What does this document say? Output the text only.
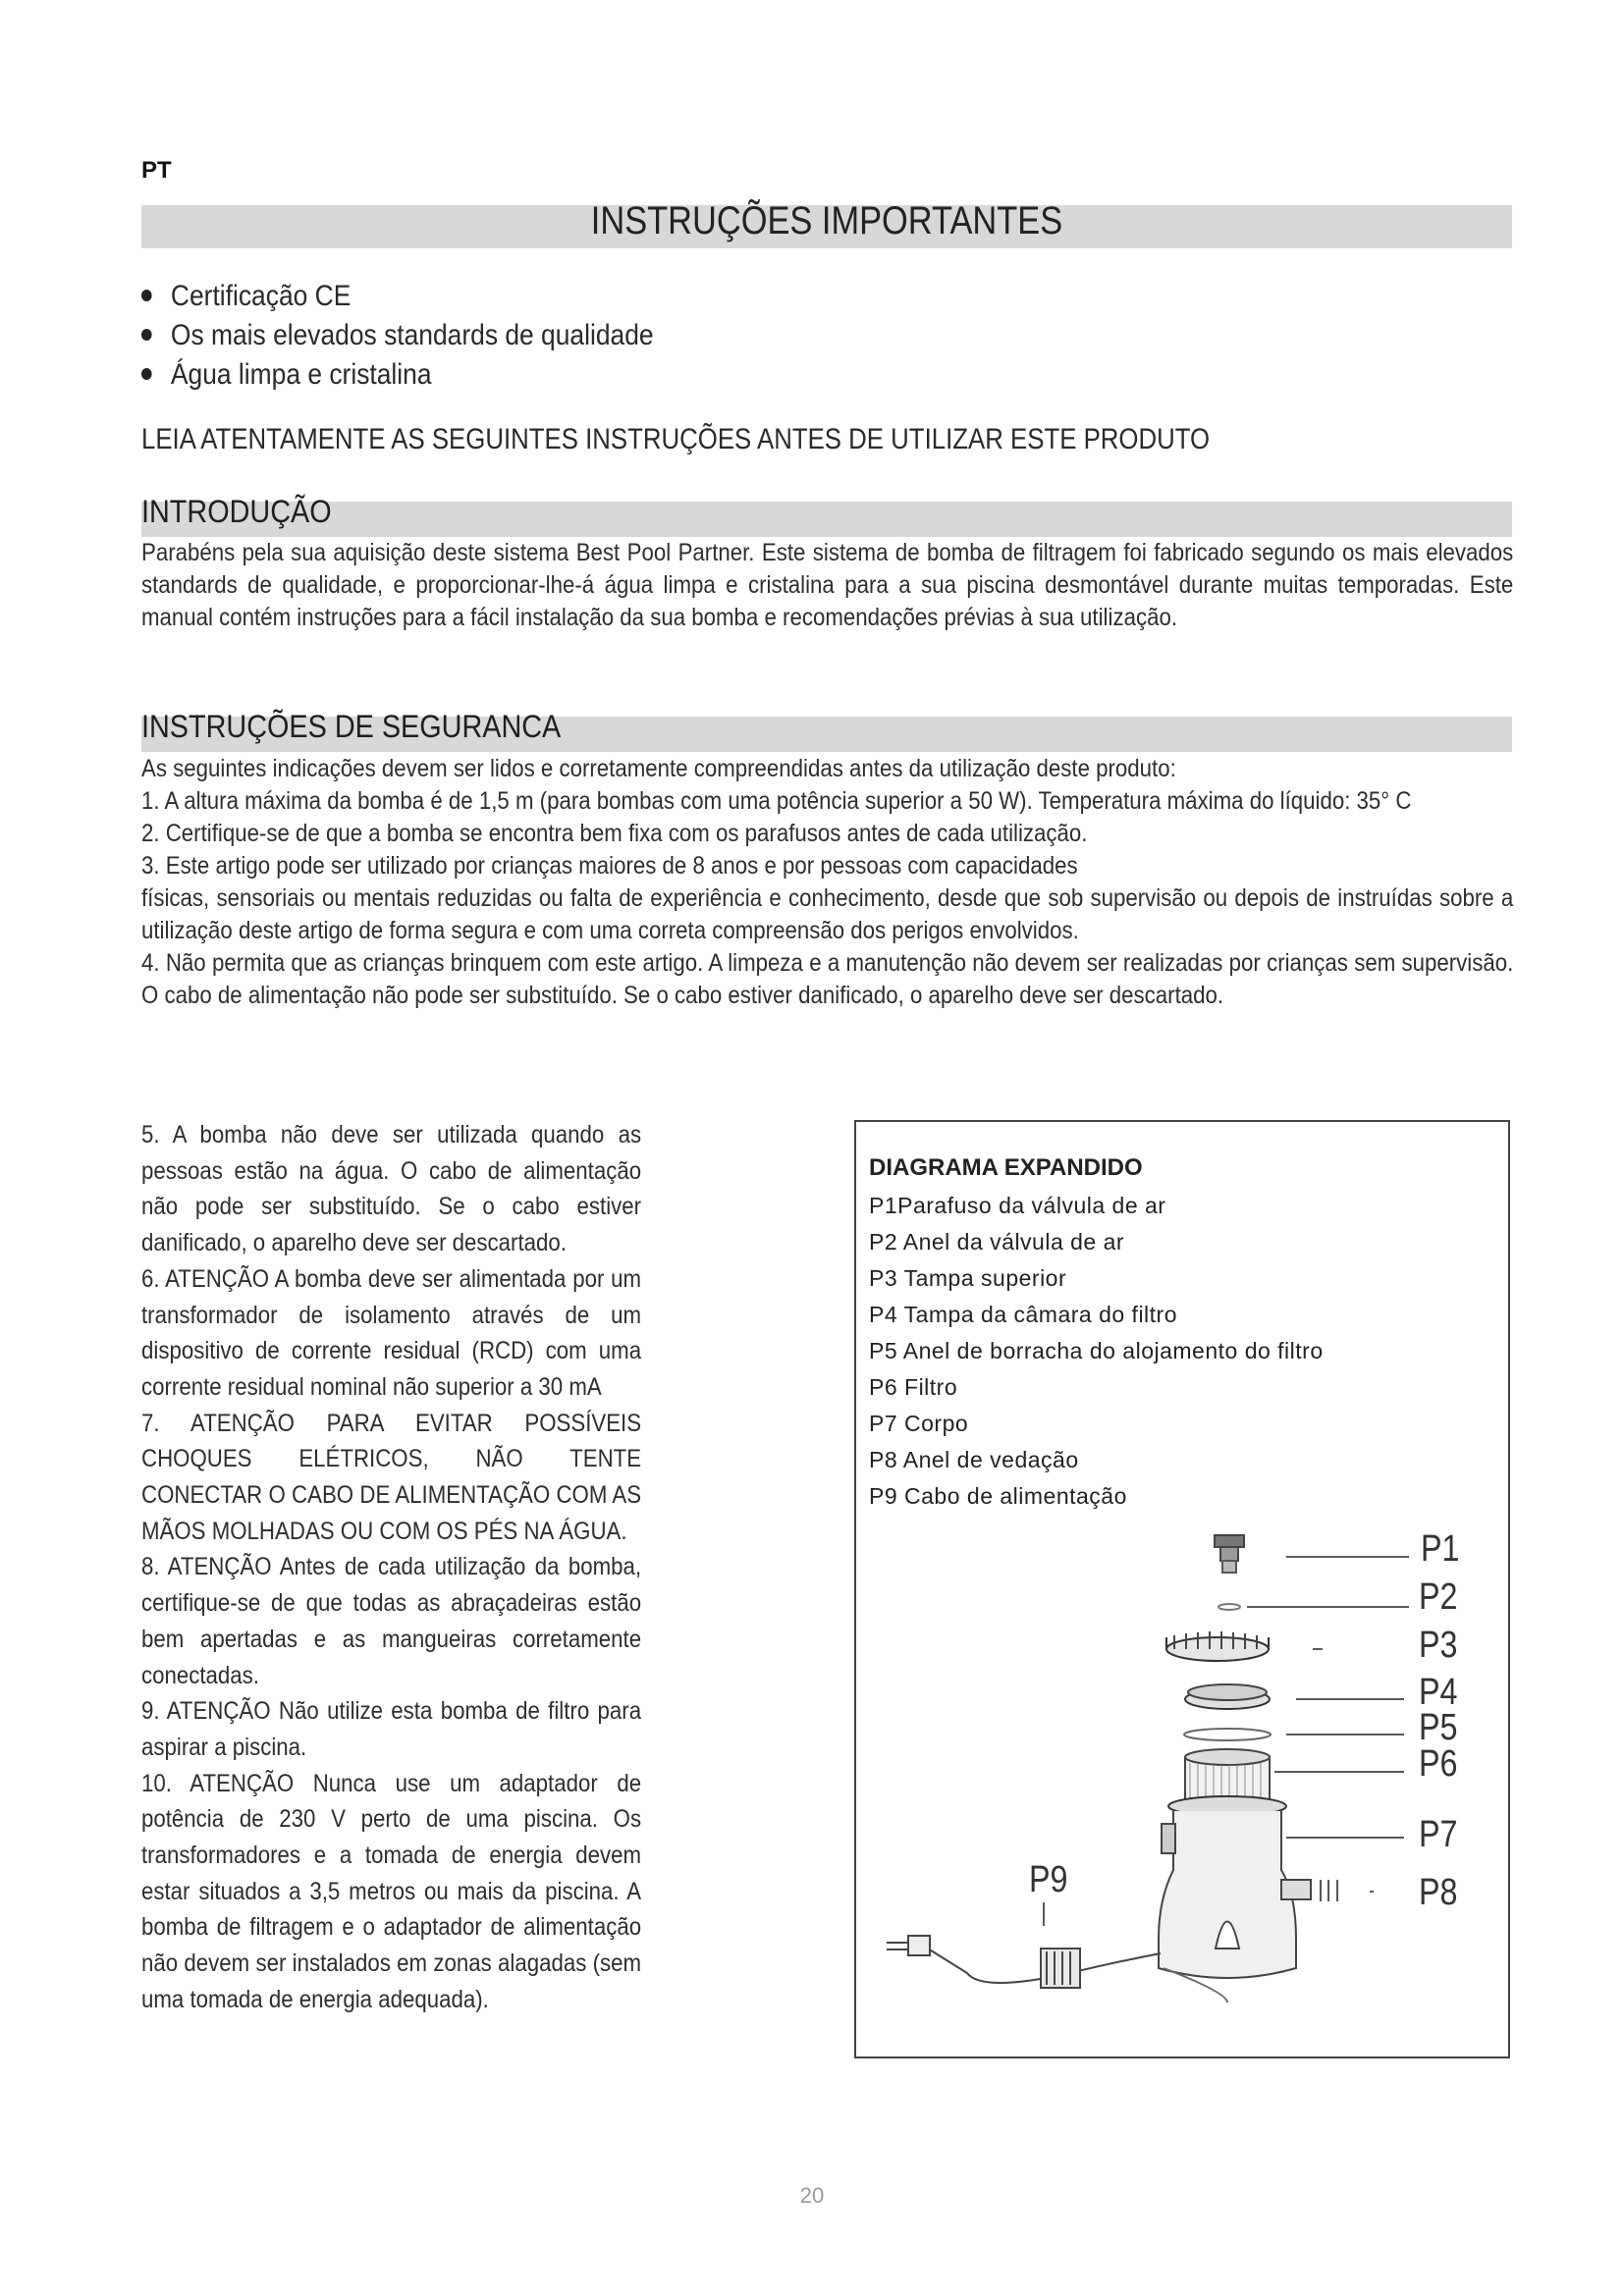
PT
INSTRUÇÕES IMPORTANTES
Certificação CE
Os mais elevados standards de qualidade
Água limpa e cristalina
LEIA ATENTAMENTE AS SEGUINTES INSTRUÇÕES ANTES DE UTILIZAR ESTE PRODUTO
INTRODUÇÃO

Parabéns pela sua aquisição deste sistema Best Pool Partner. Este sistema de bomba de filtragem foi fabricado segundo os mais elevados standards de qualidade, e proporcionar-lhe-á água limpa e cristalina para a sua piscina desmontável durante muitas temporadas. Este manual contém instruções para a fácil instalação da sua bomba e recomendações prévias à sua utilização.

INSTRUÇÕES DE SEGURANCA

As seguintes indicações devem ser lidos e corretamente compreendidas antes da utilização deste produto:

1. A altura máxima da bomba é de 1,5 m (para bombas com uma potência superior a 50 W). Temperatura máxima do líquido: 35° C

2. Certifique-se de que a bomba se encontra bem fixa com os parafusos antes de cada utilização.

3. Este artigo pode ser utilizado por crianças maiores de 8 anos e por pessoas com capacidades

físicas, sensoriais ou mentais reduzidas ou falta de experiência e conhecimento, desde que sob supervisão ou depois de instruídas sobre a utilização deste artigo de forma segura e com uma correta compreensão dos perigos envolvidos.

4. Não permita que as crianças brinquem com este artigo. A limpeza e a manutenção não devem ser realizadas por crianças sem supervisão. O cabo de alimentação não pode ser substituído. Se o cabo estiver danificado, o aparelho deve ser descartado.

5. A bomba não deve ser utilizada quando as pessoas estão na água. O cabo de alimentação não pode ser substituído. Se o cabo estiver danificado, o aparelho deve ser descartado.

6. ATENÇÃO A bomba deve ser alimentada por um transformador de isolamento através de um dispositivo de corrente residual (RCD) com uma corrente residual nominal não superior a 30 mA

7. ATENÇÃO PARA EVITAR POSSÍVEIS CHOQUES ELÉTRICOS, NÃO TENTE CONECTAR O CABO DE ALIMENTAÇÃO COM AS MÃOS MOLHADAS OU COM OS PÉS NA ÁGUA.

8. ATENÇÃO Antes de cada utilização da bomba, certifique-se de que todas as abraçadeiras estão bem apertadas e as mangueiras corretamente conectadas.

9. ATENÇÃO Não utilize esta bomba de filtro para aspirar a piscina.

10. ATENÇÃO Nunca use um adaptador de potência de 230 V perto de uma piscina. Os transformadores e a tomada de energia devem estar situados a 3,5 metros ou mais da piscina. A bomba de filtragem e o adaptador de alimentação não devem ser instalados em zonas alagadas (sem uma tomada de energia adequada).

DIAGRAMA EXPANDIDO
P1Parafuso da válvula de ar
P2 Anel da válvula de ar
P3 Tampa superior
P4 Tampa da câmara do filtro
P5 Anel de borracha do alojamento do filtro
P6 Filtro
P7 Corpo
P8 Anel de vedação
P9 Cabo de alimentação
P1
P2
P3
P4
P5
P6
P7
P8
P9
20
